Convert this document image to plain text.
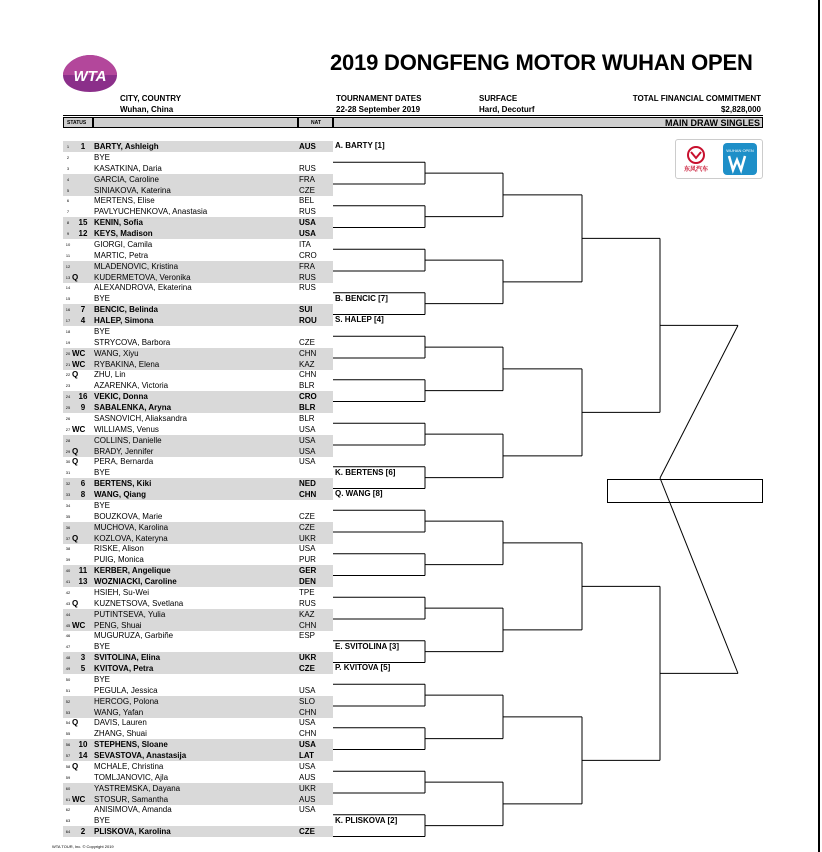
WTA
2019 DONGFENG MOTOR WUHAN OPEN
CITY, COUNTRY
Wuhan, China
TOURNAMENT DATES
22-28 September 2019
SURFACE
Hard, Decoturf
TOTAL FINANCIAL COMMITMENT
$2,828,000
STATUS	NAT	MAIN DRAW SINGLES
东风汽车
WUHAN OPEN
1	1	BARTY, Ashleigh	AUS
2	BYE
3	KASATKINA, Daria	RUS
4	GARCIA, Caroline	FRA
5	SINIAKOVA, Katerina	CZE
6	MERTENS, Elise	BEL
7	PAVLYUCHENKOVA, Anastasia	RUS
8	15 KENIN, Sofia	USA
9	12 KEYS, Madison	USA
10	GIORGI, Camila	ITA
11	MARTIC, Petra	CRO
12	MLADENOVIC, Kristina	FRA
13 Q KUDERMETOVA, Veronika	RUS
14	ALEXANDROVA, Ekaterina	RUS
15	BYE
16	7	BENCIC, Belinda	SUI
17	4	HALEP, Simona	ROU
18	BYE
19	STRYCOVA, Barbora	CZE
20 WC WANG, Xiyu	CHN
21 WC RYBAKINA, Elena	KAZ
22 Q ZHU, Lin	CHN
23	AZARENKA, Victoria	BLR
24	16 VEKIC, Donna	CRO
25	9	SABALENKA, Aryna	BLR
26	SASNOVICH, Aliaksandra	BLR
27 WC WILLIAMS, Venus	USA
28	COLLINS, Danielle	USA
29 Q BRADY, Jennifer	USA
30 Q PERA, Bernarda	USA
31	BYE
32	6	BERTENS, Kiki	NED
33	8	WANG, Qiang	CHN
34	BYE
35	BOUZKOVA, Marie	CZE
36	MUCHOVA, Karolina	CZE
37 Q KOZLOVA, Kateryna	UKR
38	RISKE, Alison	USA
39	PUIG, Monica	PUR
40	11 KERBER, Angelique	GER
41	13 WOZNIACKI, Caroline	DEN
42	HSIEH, Su-Wei	TPE
43 Q KUZNETSOVA, Svetlana	RUS
44	PUTINTSEVA, Yulia	KAZ
45 WC PENG, Shuai	CHN
46	MUGURUZA, Garbiñe	ESP
47	BYE
48	3	SVITOLINA, Elina	UKR
49	5	KVITOVA, Petra	CZE
50	BYE
51	PEGULA, Jessica	USA
52	HERCOG, Polona	SLO
53	WANG, Yafan	CHN
54 Q DAVIS, Lauren	USA
55	ZHANG, Shuai	CHN
56	10 STEPHENS, Sloane	USA
57	14 SEVASTOVA, Anastasija	LAT
58 Q MCHALE, Christina	USA
59	TOMLJANOVIC, Ajla	AUS
60	YASTREMSKA, Dayana	UKR
61 WC STOSUR, Samantha	AUS
62	ANISIMOVA, Amanda	USA
63	BYE
64	2	PLISKOVA, Karolina	CZE
A. BARTY [1]
B. BENCIC [7]
S. HALEP [4]
K. BERTENS [6]
Q. WANG [8]
E. SVITOLINA [3]
P. KVITOVA [5]
K. PLISKOVA [2]
WTA TOUR, Inc. © Copyright 2019
